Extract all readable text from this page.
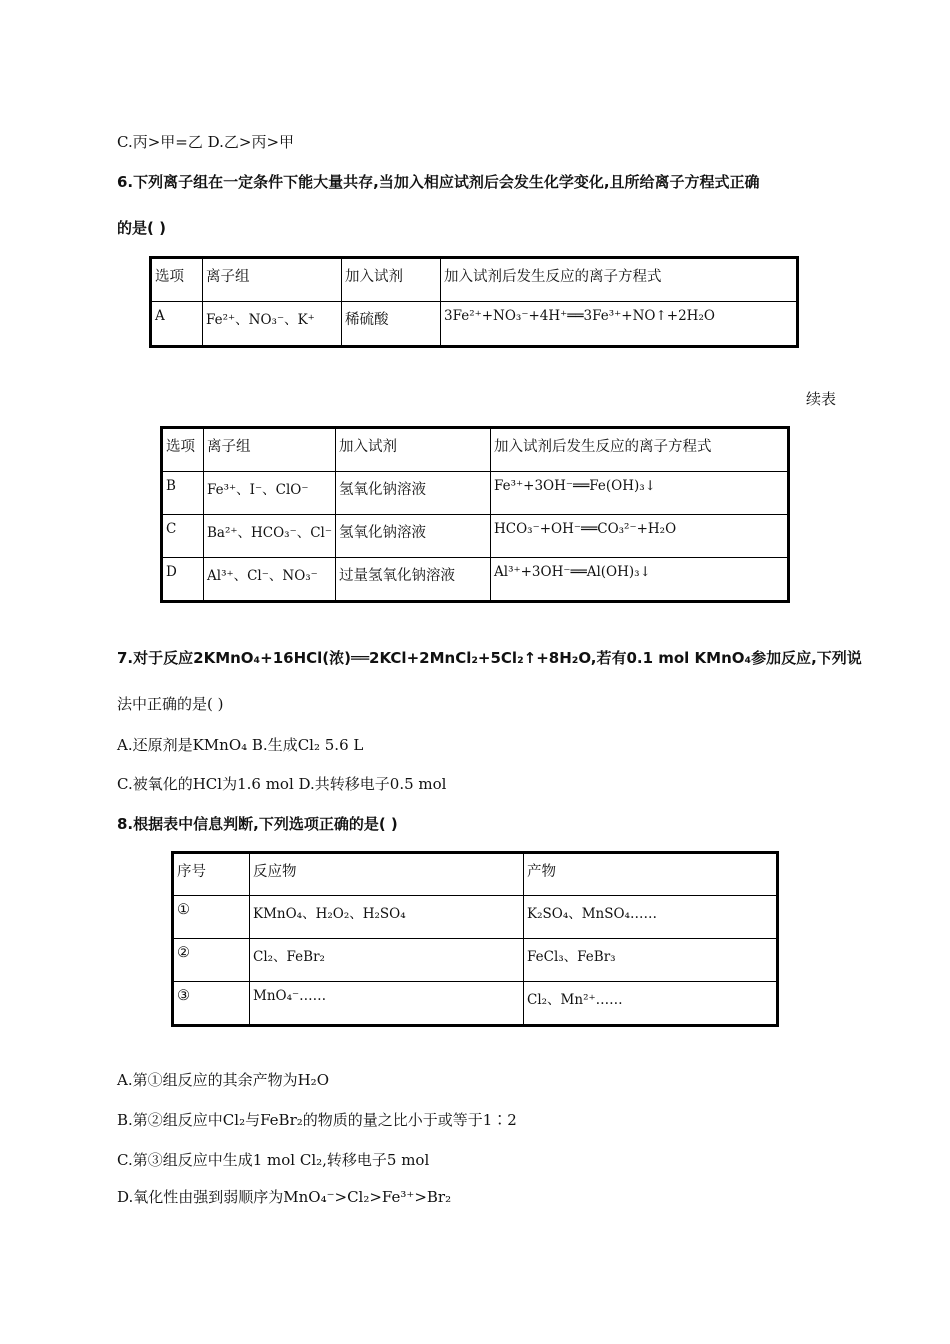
C.丙>甲=乙 D.乙>丙>甲
6.下列离子组在一定条件下能大量共存,当加入相应试剂后会发生化学变化,且所给离子方程式正确
的是( )
选项	离子组	加入试剂	加入试剂后发生反应的离子方程式
A	Fe²⁺、NO₃⁻、K⁺	稀硫酸	3Fe²⁺+NO₃⁻+4H⁺══3Fe³⁺+NO↑+2H₂O
续表
选项	离子组	加入试剂	加入试剂后发生反应的离子方程式
B	Fe³⁺、I⁻、ClO⁻	氢氧化钠溶液	Fe³⁺+3OH⁻══Fe(OH)₃↓
C	Ba²⁺、HCO₃⁻、Cl⁻	氢氧化钠溶液	HCO₃⁻+OH⁻══CO₃²⁻+H₂O
D	Al³⁺、Cl⁻、NO₃⁻	过量氢氧化钠溶液	Al³⁺+3OH⁻══Al(OH)₃↓
7.对于反应2KMnO₄+16HCl(浓)══2KCl+2MnCl₂+5Cl₂↑+8H₂O,若有0.1 mol KMnO₄参加反应,下列说
法中正确的是( )
A.还原剂是KMnO₄ B.生成Cl₂ 5.6 L
C.被氧化的HCl为1.6 mol D.共转移电子0.5 mol
8.根据表中信息判断,下列选项正确的是( )
序号	反应物	产物
①	KMnO₄、H₂O₂、H₂SO₄	K₂SO₄、MnSO₄……
②	Cl₂、FeBr₂	FeCl₃、FeBr₃
③	MnO₄⁻……	Cl₂、Mn²⁺……
A.第①组反应的其余产物为H₂O
B.第②组反应中Cl₂与FeBr₂的物质的量之比小于或等于1∶2
C.第③组反应中生成1 mol Cl₂,转移电子5 mol
D.氧化性由强到弱顺序为MnO₄⁻>Cl₂>Fe³⁺>Br₂
